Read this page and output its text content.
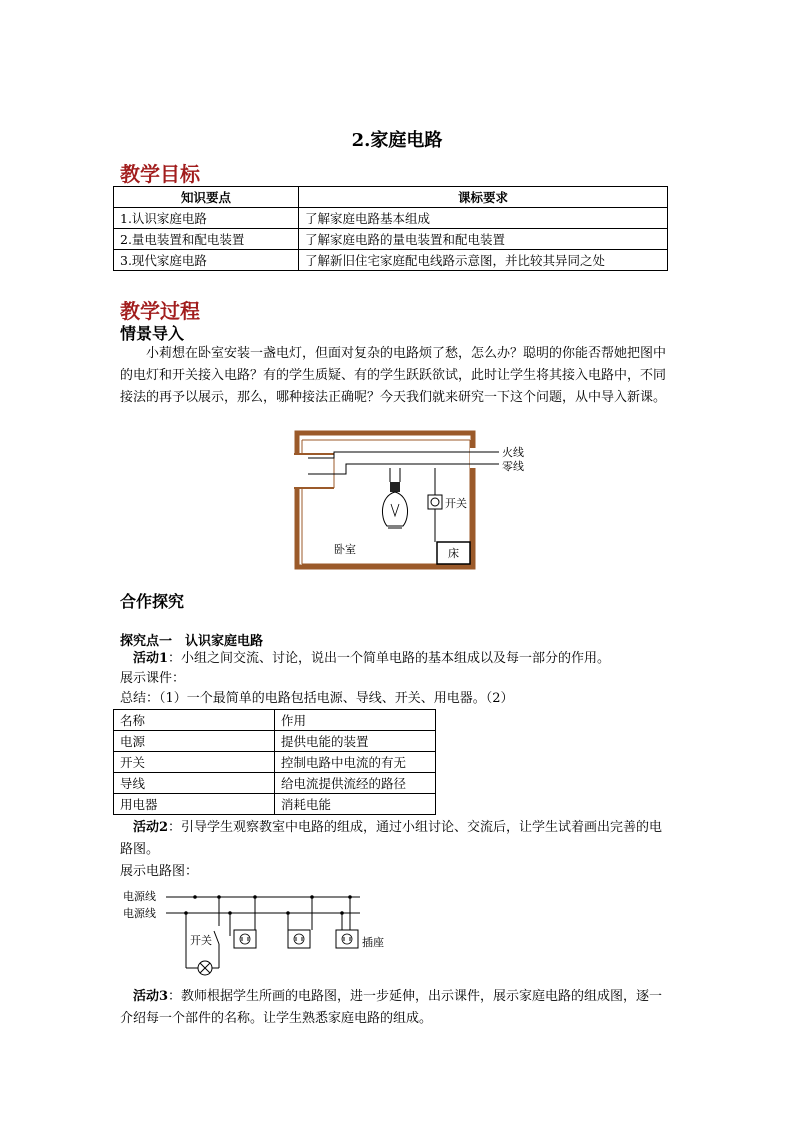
2.家庭电路
教学目标
知识要点	课标要求
1.认识家庭电路	了解家庭电路基本组成
2.量电装置和配电装置	了解家庭电路的量电装置和配电装置
3.现代家庭电路	了解新旧住宅家庭配电线路示意图，并比较其异同之处
教学过程
情景导入
小莉想在卧室安装一盏电灯，但面对复杂的电路烦了愁，怎么办？聪明的你能否帮她把图中的电灯和开关接入电路？有的学生质疑、有的学生跃跃欲试，此时让学生将其接入电路中，不同接法的再予以展示，那么，哪种接法正确呢？今天我们就来研究一下这个问题，从中导入新课。
火线
零线
开关
床
卧室
合作探究
探究点一　认识家庭电路
活动1：小组之间交流、讨论，说出一个简单电路的基本组成以及每一部分的作用。
展示课件：
总结：（1）一个最简单的电路包括电源、导线、开关、用电器。（2）
名称	作用
电源	提供电能的装置
开关	控制电路中电流的有无
导线	给电流提供流经的路径
用电器	消耗电能
活动2：引导学生观察教室中电路的组成，通过小组讨论、交流后，让学生试着画出完善的电路图。
展示电路图：
电源线
电源线
开关	插座
活动3：教师根据学生所画的电路图，进一步延伸，出示课件，展示家庭电路的组成图，逐一介绍每一个部件的名称。让学生熟悉家庭电路的组成。
